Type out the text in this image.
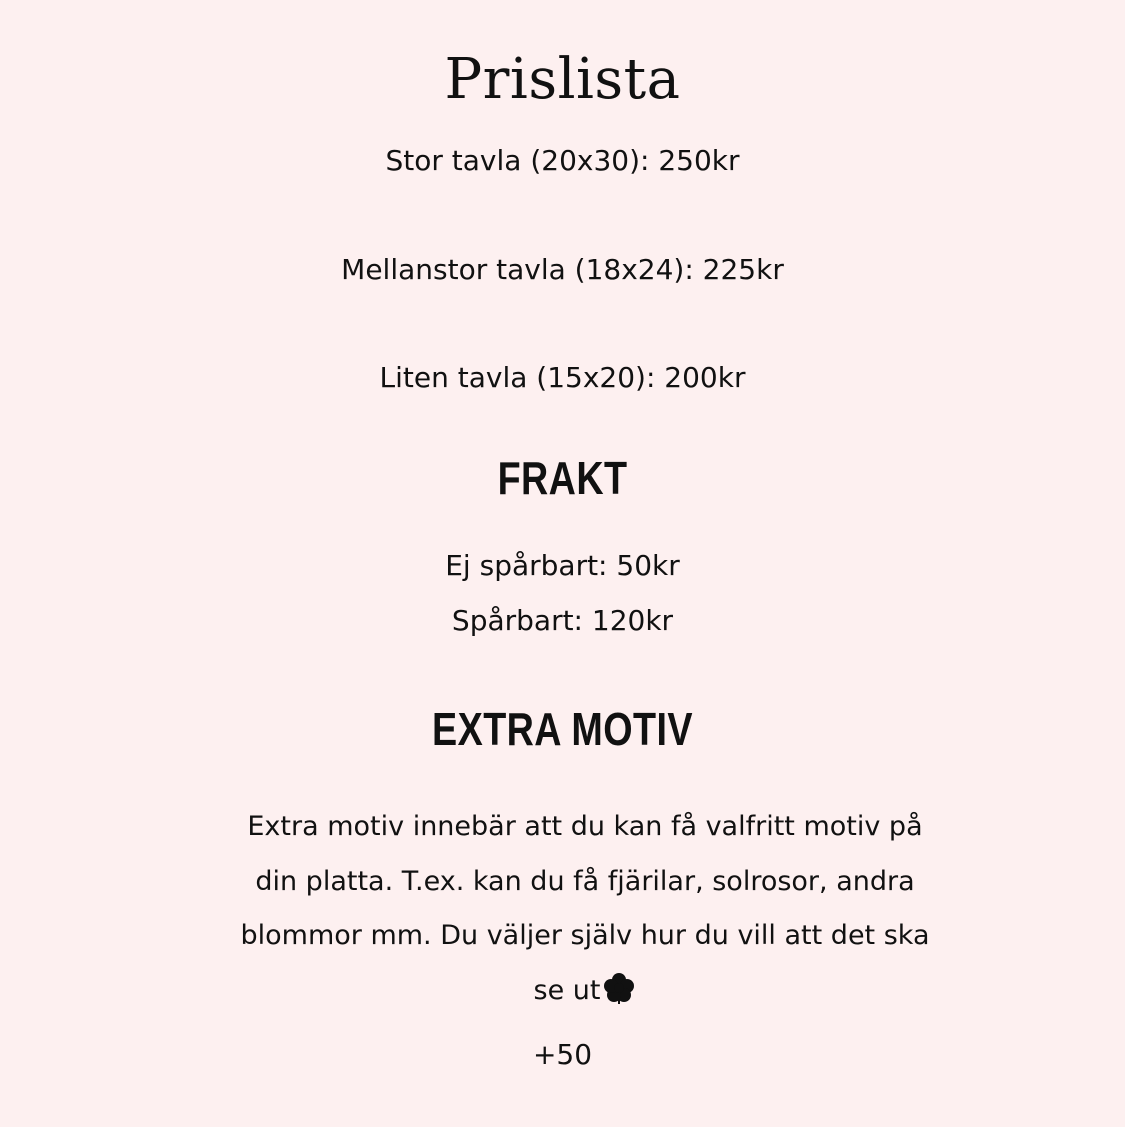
Prislista

Stor tavla (20x30): 250kr

Mellanstor tavla (18x24): 225kr

Liten tavla (15x20): 200kr

FRAKT

Ej spårbart: 50kr

Spårbart: 120kr

EXTRA MOTIV

Extra motiv innebär att du kan få valfritt motiv på din platta. T.ex. kan du få fjärilar, solrosor, andra blommor mm. Du väljer själv hur du vill att det ska se ut

+50
